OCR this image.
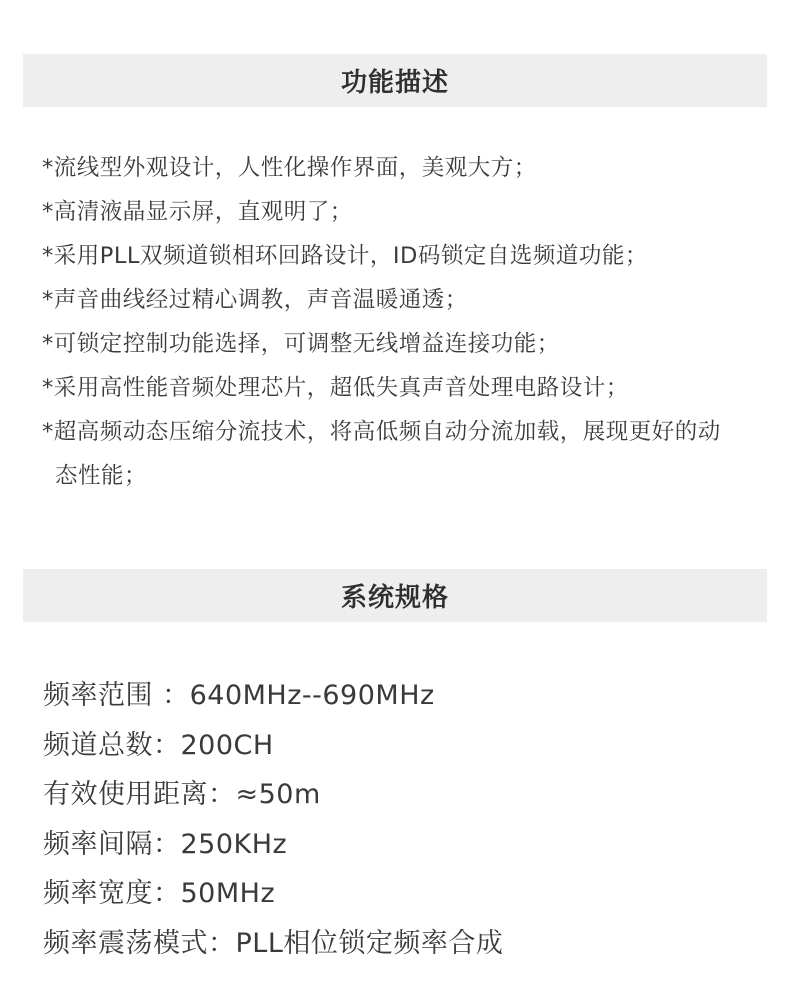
功能描述
*流线型外观设计，人性化操作界面，美观大方；
*高清液晶显示屏，直观明了；
*采用PLL双频道锁相环回路设计，ID码锁定自选频道功能；
*声音曲线经过精心调教，声音温暖通透；
*可锁定控制功能选择，可调整无线增益连接功能；
*采用高性能音频处理芯片，超低失真声音处理电路设计；
*超高频动态压缩分流技术，将高低频自动分流加载，展现更好的动态性能；
系统规格
频率范围 ：640MHz--690MHz
频道总数：200CH
有效使用距离：≈50m
频率间隔：250KHz
频率宽度：50MHz
频率震荡模式：PLL相位锁定频率合成
